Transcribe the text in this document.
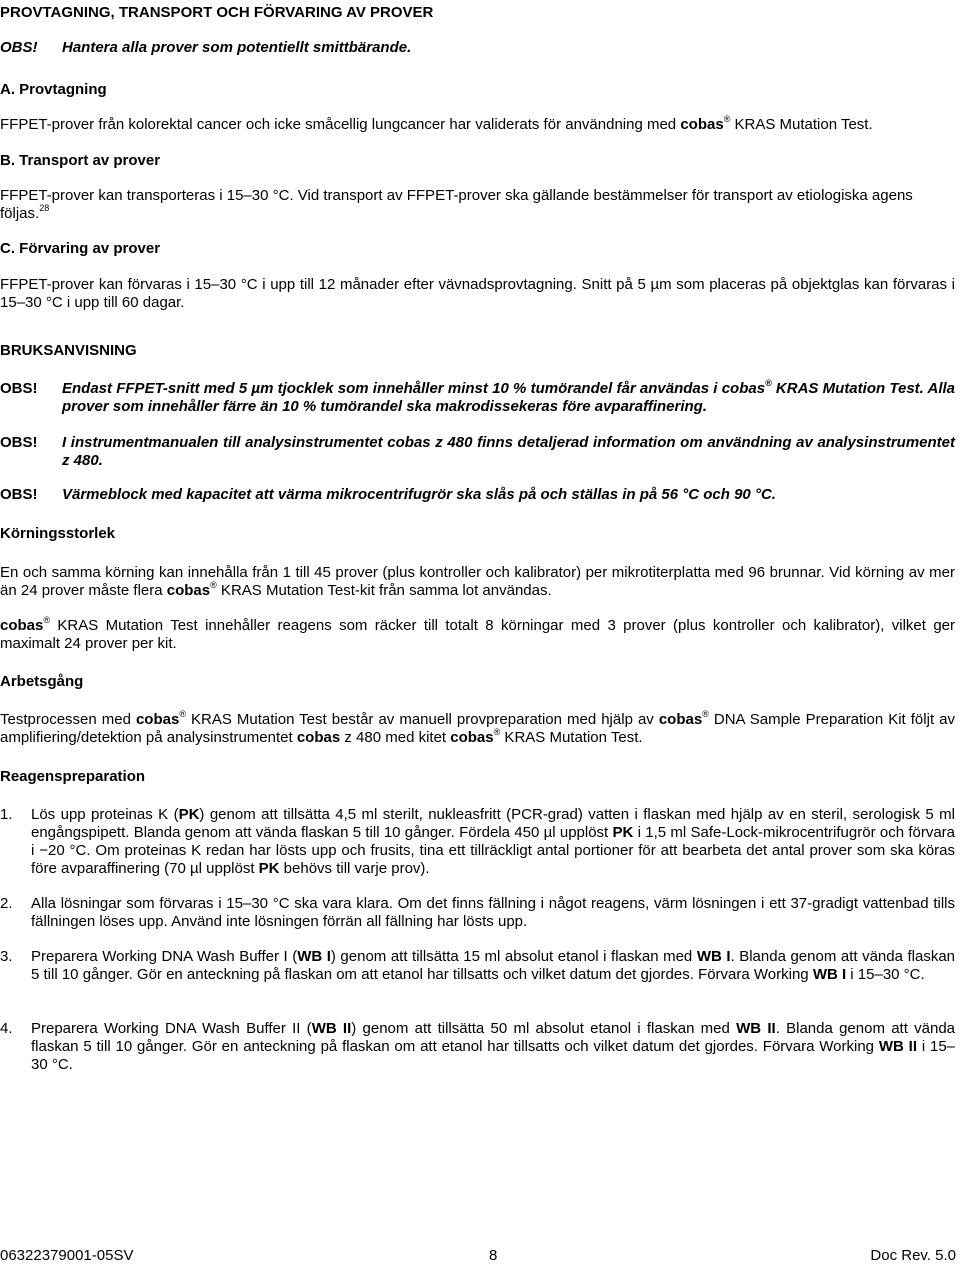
PROVTAGNING, TRANSPORT OCH FÖRVARING AV PROVER
OBS! Hantera alla prover som potentiellt smittbärande.
A. Provtagning
FFPET-prover från kolorektal cancer och icke småcellig lungcancer har validerats för användning med cobas® KRAS Mutation Test.
B. Transport av prover
FFPET-prover kan transporteras i 15–30 °C. Vid transport av FFPET-prover ska gällande bestämmelser för transport av etiologiska agens följas.$^{28}$
C. Förvaring av prover
FFPET-prover kan förvaras i 15–30 °C i upp till 12 månader efter vävnadsprovtagning. Snitt på 5 µm som placeras på objektglas kan förvaras i 15–30 °C i upp till 60 dagar.
BRUKSANVISNING
OBS! Endast FFPET-snitt med 5 µm tjocklek som innehåller minst 10 % tumörandel får användas i cobas® KRAS Mutation Test. Alla prover som innehåller färre än 10 % tumörandel ska makrodissekeras före avparaffinering.
OBS! I instrumentmanualen till analysinstrumentet cobas z 480 finns detaljerad information om användning av analysinstrumentet z 480.
OBS! Värmeblock med kapacitet att värma mikrocentrifugrör ska slås på och ställas in på 56 °C och 90 °C.
Körningsstorlek
En och samma körning kan innehålla från 1 till 45 prover (plus kontroller och kalibrator) per mikrotiterplatta med 96 brunnar. Vid körning av mer än 24 prover måste flera cobas® KRAS Mutation Test-kit från samma lot användas.
cobas® KRAS Mutation Test innehåller reagens som räcker till totalt 8 körningar med 3 prover (plus kontroller och kalibrator), vilket ger maximalt 24 prover per kit.
Arbetsgång
Testprocessen med cobas® KRAS Mutation Test består av manuell provpreparation med hjälp av cobas® DNA Sample Preparation Kit följt av amplifiering/detektion på analysinstrumentet cobas z 480 med kitet cobas® KRAS Mutation Test.
Reagenspreparation
1. Lös upp proteinas K (PK) genom att tillsätta 4,5 ml sterilt, nukleasfritt (PCR-grad) vatten i flaskan med hjälp av en steril, serologisk 5 ml engångspipett. Blanda genom att vända flaskan 5 till 10 gånger. Fördela 450 µl upplöst PK i 1,5 ml Safe-Lock-mikrocentrifugrör och förvara i −20 °C. Om proteinas K redan har lösts upp och frusits, tina ett tillräckligt antal portioner för att bearbeta det antal prover som ska köras före avparaffinering (70 µl upplöst PK behövs till varje prov).
2. Alla lösningar som förvaras i 15–30 °C ska vara klara. Om det finns fällning i något reagens, värm lösningen i ett 37-gradigt vattenbad tills fällningen löses upp. Använd inte lösningen förrän all fällning har lösts upp.
3. Preparera Working DNA Wash Buffer I (WB I) genom att tillsätta 15 ml absolut etanol i flaskan med WB I. Blanda genom att vända flaskan 5 till 10 gånger. Gör en anteckning på flaskan om att etanol har tillsatts och vilket datum det gjordes. Förvara Working WB I i 15–30 °C.
4. Preparera Working DNA Wash Buffer II (WB II) genom att tillsätta 50 ml absolut etanol i flaskan med WB II. Blanda genom att vända flaskan 5 till 10 gånger. Gör en anteckning på flaskan om att etanol har tillsatts och vilket datum det gjordes. Förvara Working WB II i 15–30 °C.
06322379001-05SV	8	Doc Rev. 5.0
